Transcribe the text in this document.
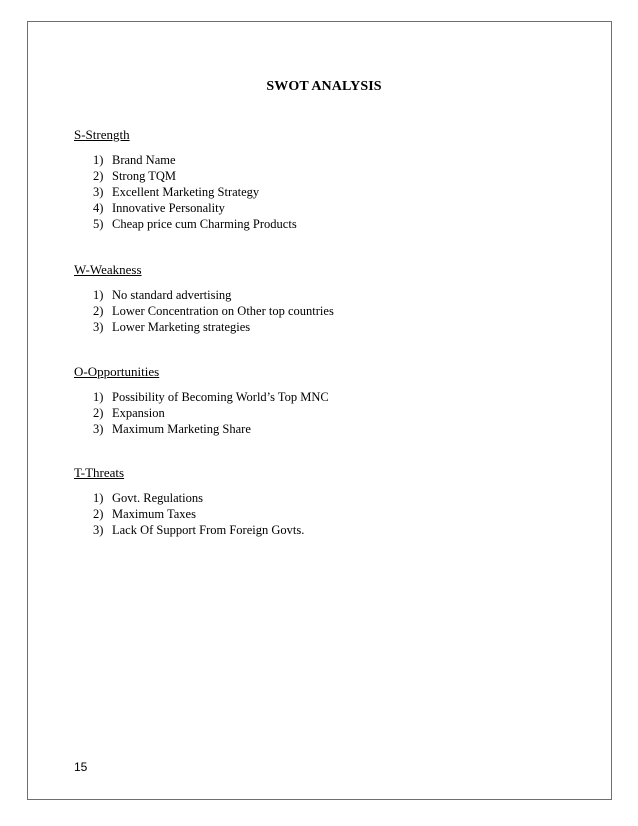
SWOT ANALYSIS

S-Strength

1) Brand Name
2) Strong TQM
3) Excellent Marketing Strategy
4) Innovative Personality
5) Cheap price cum Charming Products

W-Weakness

1) No standard advertising
2) Lower Concentration on Other top countries
3) Lower Marketing strategies

O-Opportunities

1) Possibility of Becoming World’s Top MNC
2) Expansion
3) Maximum Marketing Share

T-Threats

1) Govt. Regulations
2) Maximum Taxes
3) Lack Of Support From Foreign Govts.
15
